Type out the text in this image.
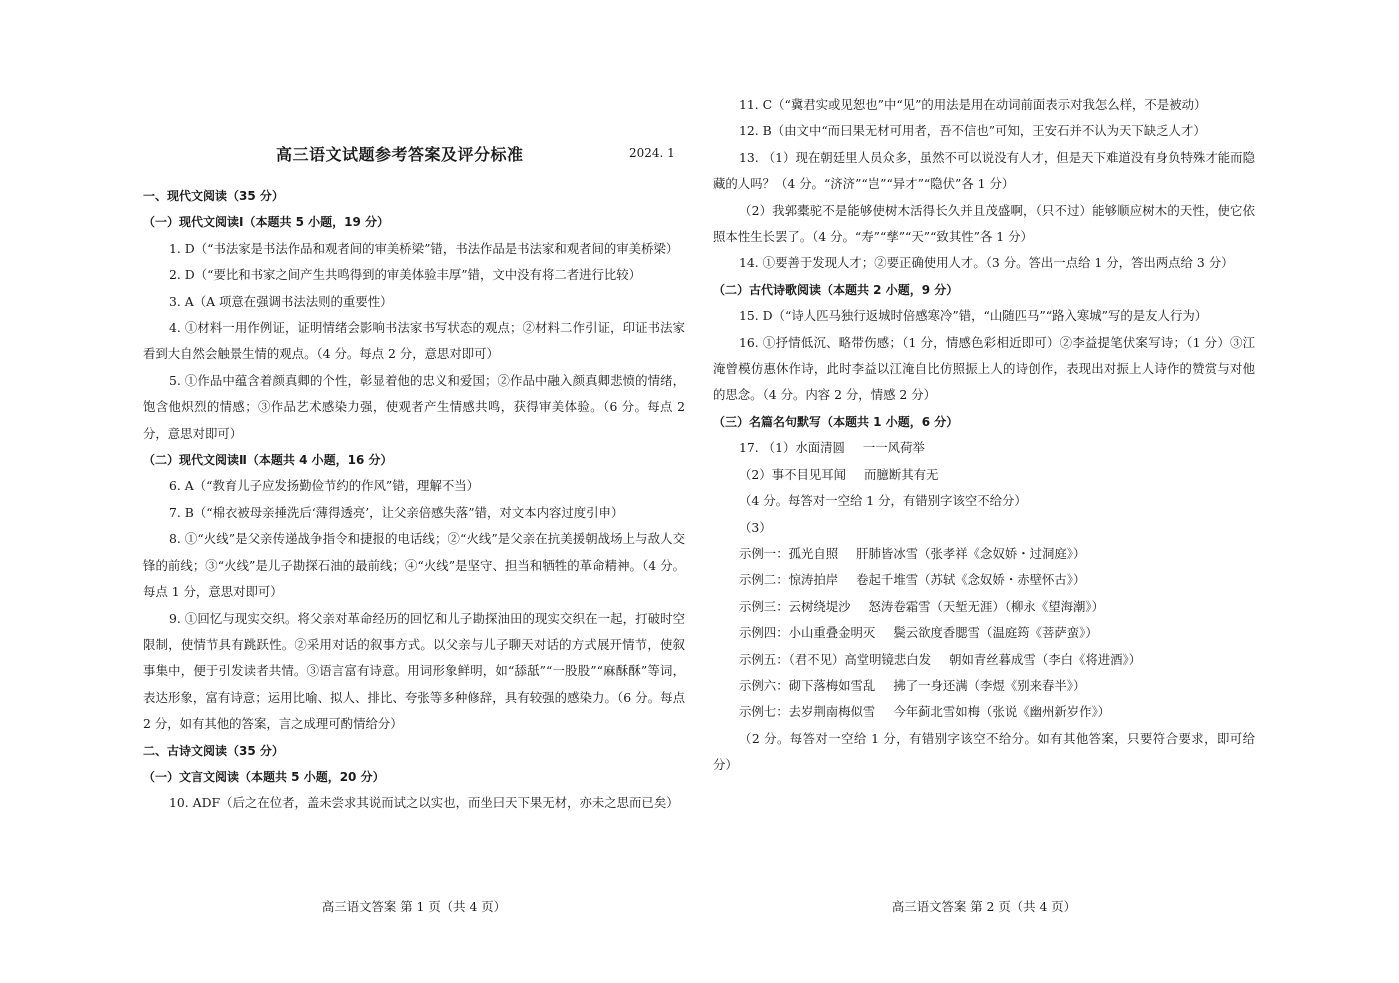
高三语文试题参考答案及评分标准	2024. 1

一、现代文阅读（35 分）

（一）现代文阅读Ⅰ（本题共 5 小题，19 分）

1. D（“书法家是书法作品和观者间的审美桥梁”错，书法作品是书法家和观者间的审美桥梁）

2. D（“要比和书家之间产生共鸣得到的审美体验丰厚”错，文中没有将二者进行比较）

3. A（A 项意在强调书法法则的重要性）

4. ①材料一用作例证，证明情绪会影响书法家书写状态的观点；②材料二作引证，印证书法家看到大自然会触景生情的观点。（4 分。每点 2 分，意思对即可）

5. ①作品中蕴含着颜真卿的个性，彰显着他的忠义和爱国；②作品中融入颜真卿悲愤的情绪，饱含他炽烈的情感；③作品艺术感染力强，使观者产生情感共鸣，获得审美体验。（6 分。每点 2 分，意思对即可）

（二）现代文阅读Ⅱ（本题共 4 小题，16 分）

6. A（“教育儿子应发扬勤俭节约的作风”错，理解不当）

7. B（“棉衣被母亲捶洗后‘薄得透亮’，让父亲倍感失落”错，对文本内容过度引申）

8. ①“火线”是父亲传递战争指令和捷报的电话线；②“火线”是父亲在抗美援朝战场上与敌人交锋的前线；③“火线”是儿子勘探石油的最前线；④“火线”是坚守、担当和牺牲的革命精神。（4 分。每点 1 分，意思对即可）

9. ①回忆与现实交织。将父亲对革命经历的回忆和儿子勘探油田的现实交织在一起，打破时空限制，使情节具有跳跃性。②采用对话的叙事方式。以父亲与儿子聊天对话的方式展开情节，使叙事集中，便于引发读者共情。③语言富有诗意。用词形象鲜明，如“舔舐”“一股股”“麻酥酥”等词，表达形象，富有诗意；运用比喻、拟人、排比、夸张等多种修辞，具有较强的感染力。（6 分。每点 2 分，如有其他的答案，言之成理可酌情给分）

二、古诗文阅读（35 分）

（一）文言文阅读（本题共 5 小题，20 分）

10. ADF（后之在位者，盖未尝求其说而试之以实也，而坐曰天下果无材，亦未之思而已矣）

高三语文答案 第 1 页（共 4 页）

11. C（“冀君实或见恕也”中“见”的用法是用在动词前面表示对我怎么样，不是被动）

12. B（由文中“而曰果无材可用者，吾不信也”可知，王安石并不认为天下缺乏人才）

13. （1）现在朝廷里人员众多，虽然不可以说没有人才，但是天下难道没有身负特殊才能而隐藏的人吗？（4 分。“济济”“岂”“异才”“隐伏”各 1 分）

（2）我郭橐驼不是能够使树木活得长久并且茂盛啊，（只不过）能够顺应树木的天性，使它依照本性生长罢了。（4 分。“寿”“孳”“天”“致其性”各 1 分）

14. ①要善于发现人才；②要正确使用人才。（3 分。答出一点给 1 分，答出两点给 3 分）

（二）古代诗歌阅读（本题共 2 小题，9 分）

15. D（“诗人匹马独行返城时倍感寒冷”错，“山随匹马”“路入寒城”写的是友人行为）

16. ①抒情低沉、略带伤感；（1 分，情感色彩相近即可）②李益提笔伏案写诗；（1 分）③江淹曾模仿惠休作诗，此时李益以江淹自比仿照振上人的诗创作，表现出对振上人诗作的赞赏与对他的思念。（4 分。内容 2 分，情感 2 分）

（三）名篇名句默写（本题共 1 小题，6 分）

17. （1）水面清圆 一一风荷举

（2）事不目见耳闻 而臆断其有无

（4 分。每答对一空给 1 分，有错别字该空不给分）

（3）

示例一：孤光自照 肝肺皆冰雪（张孝祥《念奴娇・过洞庭》）

示例二：惊涛拍岸 卷起千堆雪（苏轼《念奴娇・赤壁怀古》）

示例三：云树绕堤沙 怒涛卷霜雪（天堑无涯）（柳永《望海潮》）

示例四：小山重叠金明灭 鬓云欲度香腮雪（温庭筠《菩萨蛮》）

示例五：（君不见）高堂明镜悲白发 朝如青丝暮成雪（李白《将进酒》）

示例六：砌下落梅如雪乱 拂了一身还满（李煜《别来春半》）

示例七：去岁荆南梅似雪 今年蓟北雪如梅（张说《幽州新岁作》）

（2 分。每答对一空给 1 分，有错别字该空不给分。如有其他答案，只要符合要求，即可给分）

高三语文答案 第 2 页（共 4 页）
